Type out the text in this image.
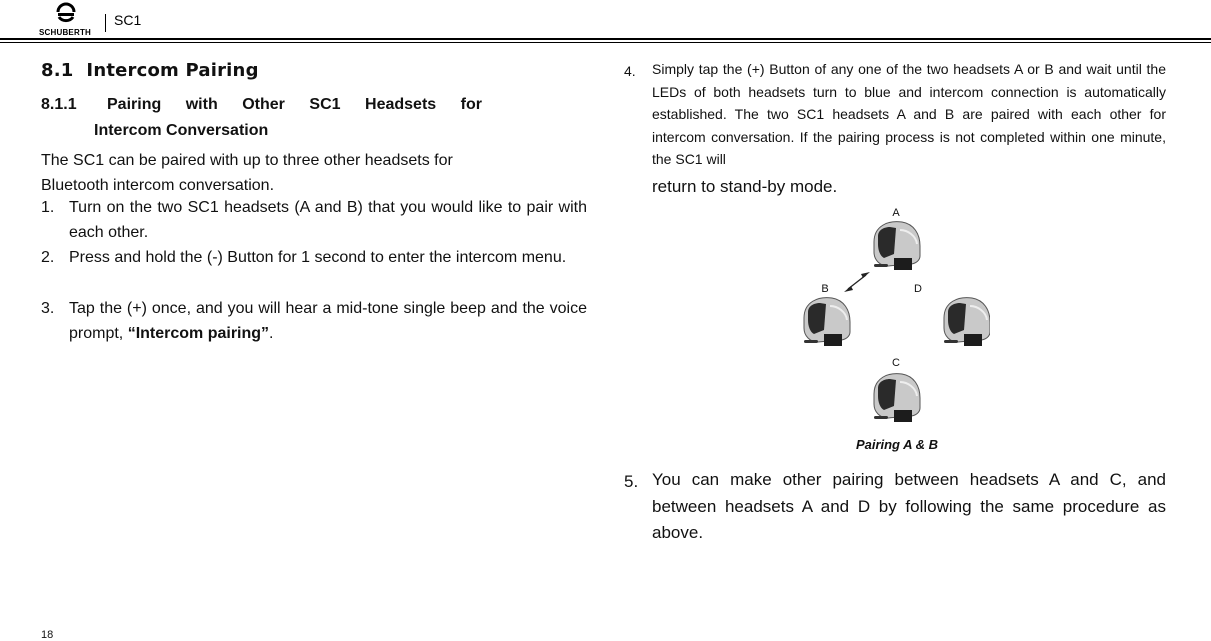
SCHUBERTH
SC1
8.1  Intercom Pairing
8.1.1 Pairing with Other SC1 Headsets for
Intercom Conversation
The SC1 can be paired with up to three other headsets for Bluetooth intercom conversation.
1. Turn on the two SC1 headsets (A and B) that you would like to pair with each other.
2. Press and hold the (-) Button for 1 second to enter the intercom menu.
3. Tap the (+) once, and you will hear a mid-tone single beep and the voice prompt, “Intercom pairing”.
4. Simply tap the (+) Button of any one of the two headsets A or B and wait until the LEDs of both headsets turn to blue and intercom connection is automatically established. The two SC1 headsets A and B are paired with each other for intercom conversation. If the pairing process is not completed within one minute, the SC1 will
return to stand-by mode.
A
B
C
D
Pairing A & B
5. You can make other pairing between headsets A and C, and between headsets A and D by following the same procedure as above.
18
